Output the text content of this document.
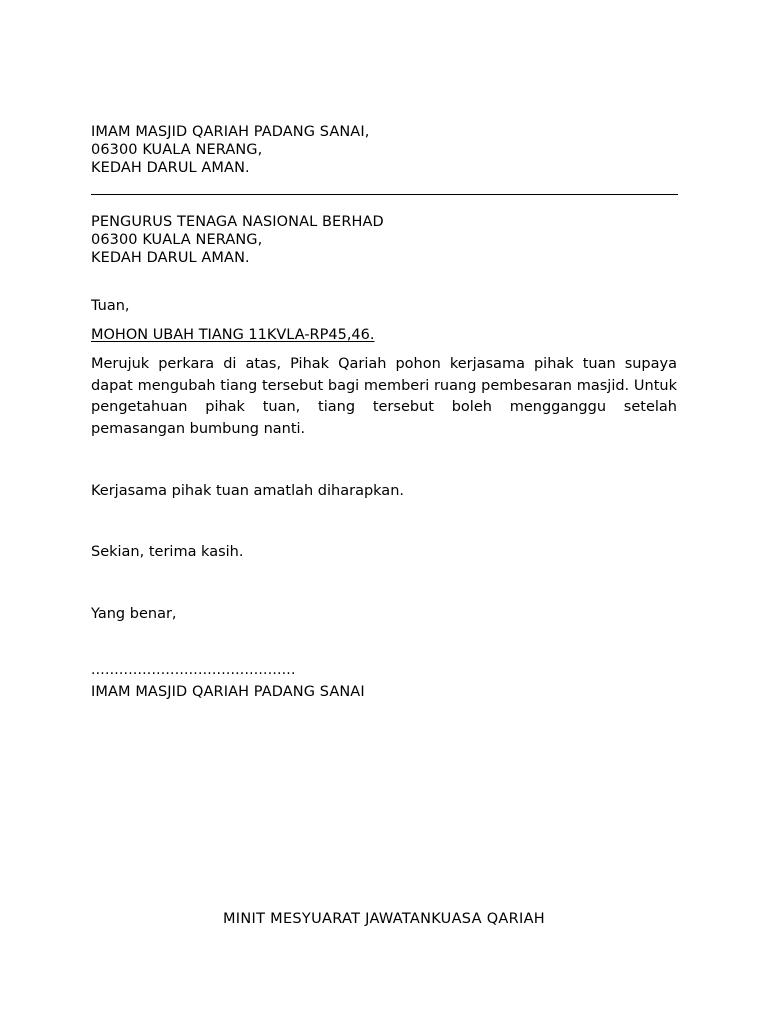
IMAM MASJID QARIAH PADANG SANAI,
06300 KUALA NERANG,
KEDAH DARUL AMAN.
PENGURUS TENAGA NASIONAL BERHAD
06300 KUALA NERANG,
KEDAH DARUL AMAN.
Tuan,
MOHON UBAH TIANG 11KVLA-RP45,46.
Merujuk perkara di atas, Pihak Qariah pohon kerjasama pihak tuan supaya dapat mengubah tiang tersebut bagi memberi ruang pembesaran masjid. Untuk pengetahuan pihak tuan, tiang tersebut boleh mengganggu setelah pemasangan bumbung nanti.
Kerjasama pihak tuan amatlah diharapkan.
Sekian, terima kasih.
Yang benar,
............................................
IMAM MASJID QARIAH PADANG SANAI
MINIT MESYUARAT JAWATANKUASA QARIAH
